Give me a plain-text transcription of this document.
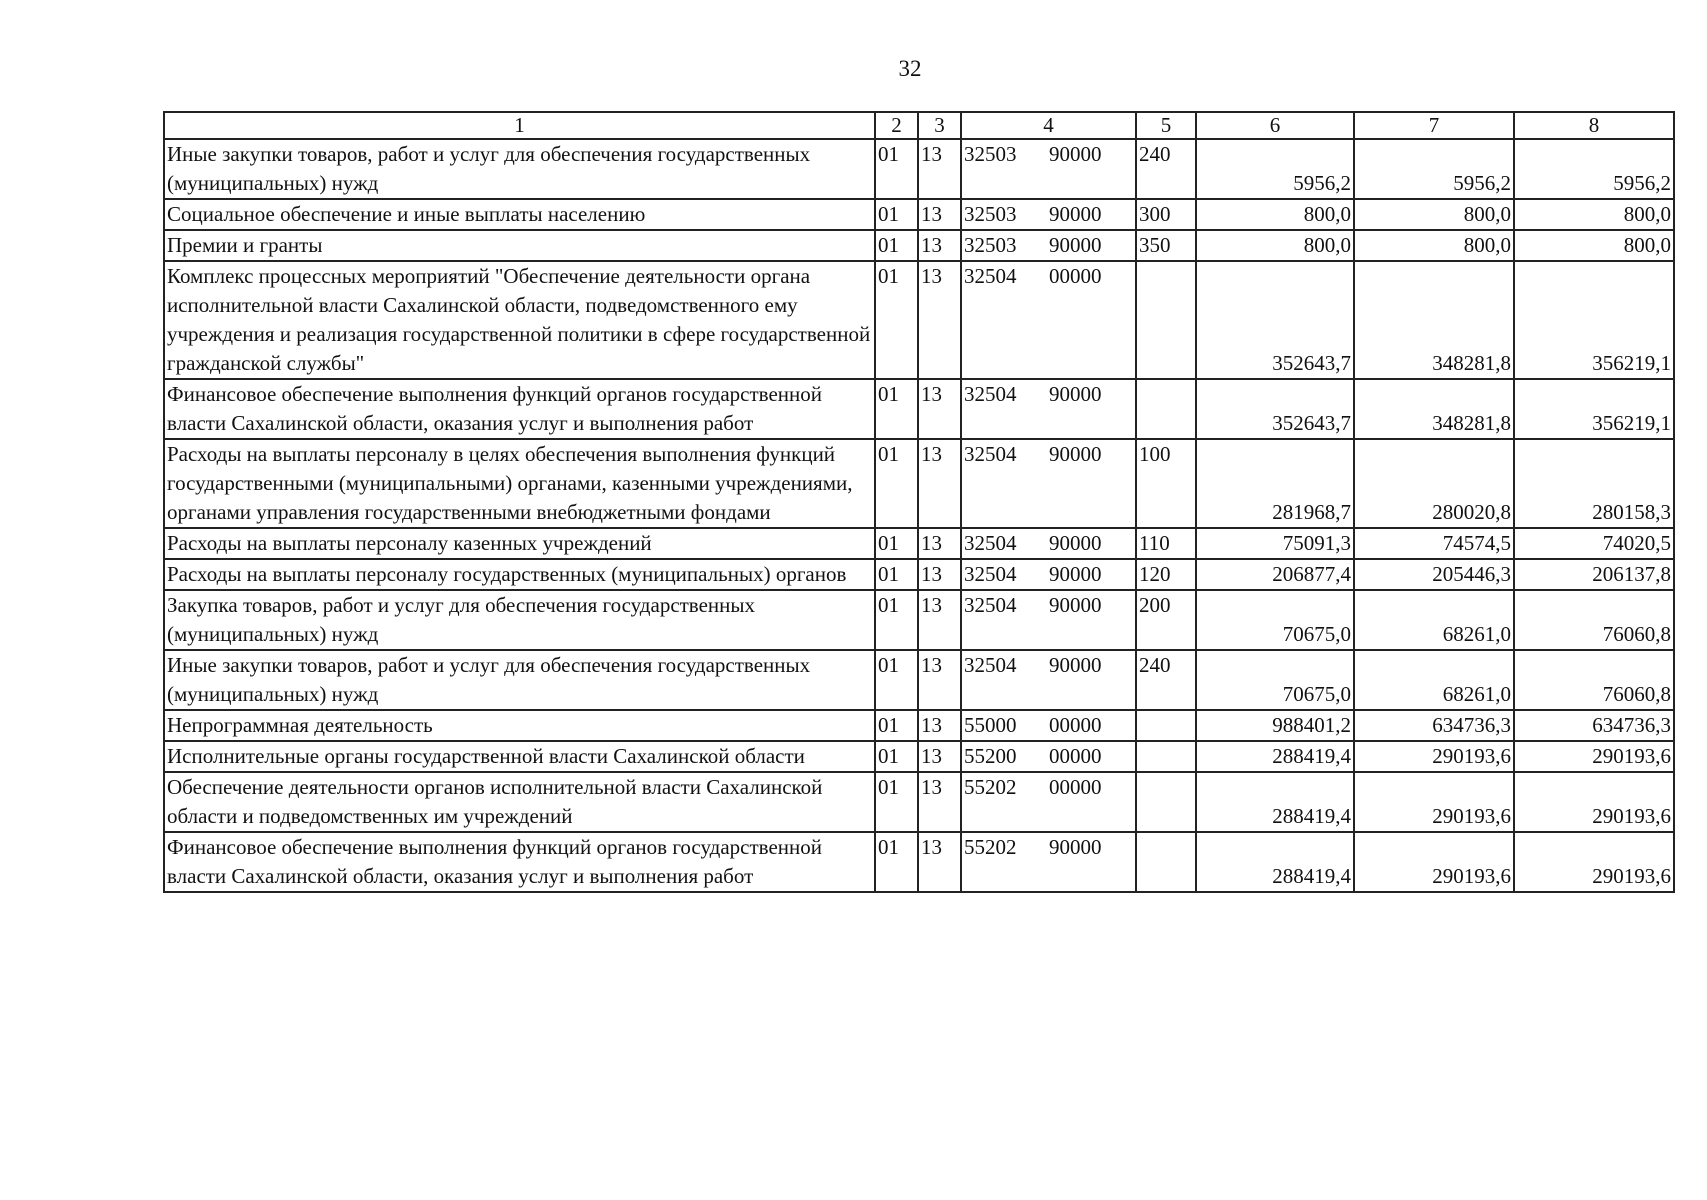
32
1	2	3	4	5	6	7	8
Иные закупки товаров, работ и услуг для обеспечения государственных (муниципальных) нужд	01	13	32503 90000	240	5956,2	5956,2	5956,2
Социальное обеспечение и иные выплаты населению	01	13	32503 90000	300	800,0	800,0	800,0
Премии и гранты	01	13	32503 90000	350	800,0	800,0	800,0
Комплекс процессных мероприятий "Обеспечение деятельности органа исполнительной власти Сахалинской области, подведомственного ему учреждения и реализация государственной политики в сфере государственной гражданской службы"	01	13	32504 00000		352643,7	348281,8	356219,1
Финансовое обеспечение выполнения функций органов государственной власти Сахалинской области, оказания услуг и выполнения работ	01	13	32504 90000		352643,7	348281,8	356219,1
Расходы на выплаты персоналу в целях обеспечения выполнения функций государственными (муниципальными) органами, казенными учреждениями, органами управления государственными внебюджетными фондами	01	13	32504 90000	100	281968,7	280020,8	280158,3
Расходы на выплаты персоналу казенных учреждений	01	13	32504 90000	110	75091,3	74574,5	74020,5
Расходы на выплаты персоналу государственных (муниципальных) органов	01	13	32504 90000	120	206877,4	205446,3	206137,8
Закупка товаров, работ и услуг для обеспечения государственных (муниципальных) нужд	01	13	32504 90000	200	70675,0	68261,0	76060,8
Иные закупки товаров, работ и услуг для обеспечения государственных (муниципальных) нужд	01	13	32504 90000	240	70675,0	68261,0	76060,8
Непрограммная деятельность	01	13	55000 00000		988401,2	634736,3	634736,3
Исполнительные органы государственной власти Сахалинской области	01	13	55200 00000		288419,4	290193,6	290193,6
Обеспечение деятельности органов исполнительной власти Сахалинской области и подведомственных им учреждений	01	13	55202 00000		288419,4	290193,6	290193,6
Финансовое обеспечение выполнения функций органов государственной власти Сахалинской области, оказания услуг и выполнения работ	01	13	55202 90000		288419,4	290193,6	290193,6
